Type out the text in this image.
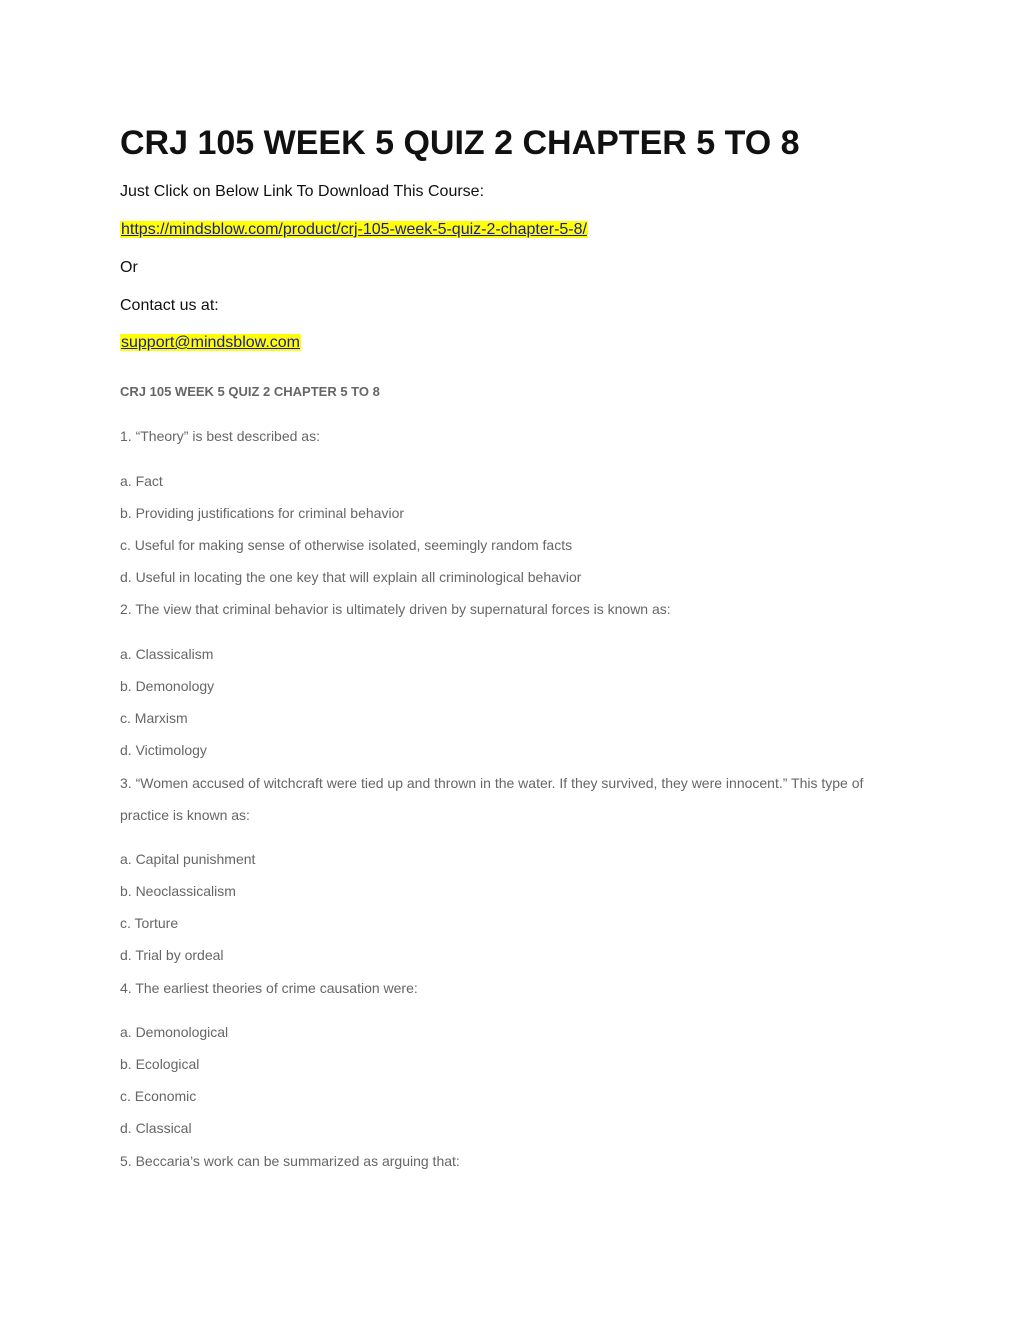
CRJ 105 WEEK 5 QUIZ 2 CHAPTER 5 TO 8
Just Click on Below Link To Download This Course:
https://mindsblow.com/product/crj-105-week-5-quiz-2-chapter-5-8/
Or
Contact us at:
support@mindsblow.com
CRJ 105 WEEK 5 QUIZ 2 CHAPTER 5 TO 8
1. “Theory” is best described as:
a. Fact
b. Providing justifications for criminal behavior
c. Useful for making sense of otherwise isolated, seemingly random facts
d. Useful in locating the one key that will explain all criminological behavior
2. The view that criminal behavior is ultimately driven by supernatural forces is known as:
a. Classicalism
b. Demonology
c. Marxism
d. Victimology
3. “Women accused of witchcraft were tied up and thrown in the water. If they survived, they were innocent.” This type of practice is known as:
a. Capital punishment
b. Neoclassicalism
c. Torture
d. Trial by ordeal
4. The earliest theories of crime causation were:
a. Demonological
b. Ecological
c. Economic
d. Classical
5. Beccaria’s work can be summarized as arguing that:
